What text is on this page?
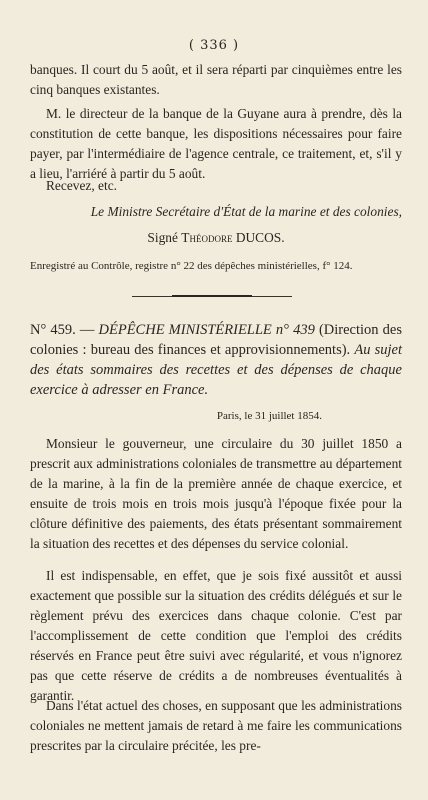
( 336 )
banques. Il court du 5 août, et il sera réparti par cinquièmes entre les cinq banques existantes.
M. le directeur de la banque de la Guyane aura à prendre, dès la constitution de cette banque, les dispositions nécessaires pour faire payer, par l'intermédiaire de l'agence centrale, ce traitement, et, s'il y a lieu, l'arriéré à partir du 5 août.
Recevez, etc.
Le Ministre Secrétaire d'État de la marine et des colonies,
Signé Théodore DUCOS.
Enregistré au Contrôle, registre n° 22 des dépêches ministérielles, f° 124.
N° 459. — DÉPÊCHE MINISTÉRIELLE n° 439 (Direction des colonies : bureau des finances et approvisionnements). Au sujet des états sommaires des recettes et des dépenses de chaque exercice à adresser en France.
Paris, le 31 juillet 1854.
Monsieur le gouverneur, une circulaire du 30 juillet 1850 a prescrit aux administrations coloniales de transmettre au département de la marine, à la fin de la première année de chaque exercice, et ensuite de trois mois en trois mois jusqu'à l'époque fixée pour la clôture définitive des paiements, des états présentant sommairement la situation des recettes et des dépenses du service colonial.
Il est indispensable, en effet, que je sois fixé aussitôt et aussi exactement que possible sur la situation des crédits délégués et sur le règlement prévu des exercices dans chaque colonie. C'est par l'accomplissement de cette condition que l'emploi des crédits réservés en France peut être suivi avec régularité, et vous n'ignorez pas que cette réserve de crédits a de nombreuses éventualités à garantir.
Dans l'état actuel des choses, en supposant que les administrations coloniales ne mettent jamais de retard à me faire les communications prescrites par la circulaire précitée, les pre-
